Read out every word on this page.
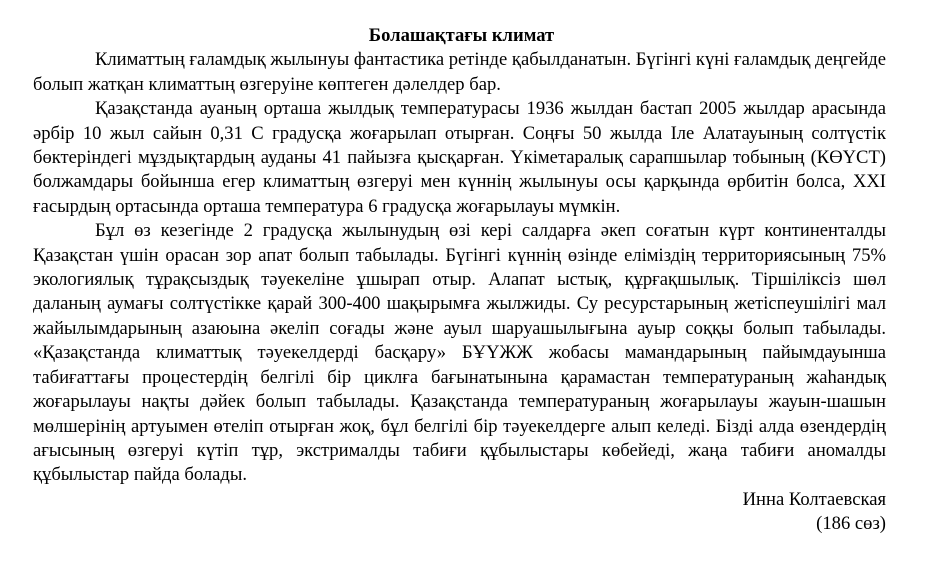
Болашақтағы климат

Климаттың ғаламдық жылынуы фантастика ретінде қабылданатын. Бүгінгі күні ғаламдық деңгейде болып жатқан климаттың өзгеруіне көптеген дәлелдер бар.

Қазақстанда ауаның орташа жылдық температурасы 1936 жылдан бастап 2005 жылдар арасында әрбір 10 жыл сайын 0,31 С градусқа жоғарылап отырған. Соңғы 50 жылда Іле Алатауының солтүстік бөктеріндегі мұздықтардың ауданы 41 пайызға қысқарған. Үкіметаралық сарапшылар тобының (КӨҮСТ) болжамдары бойынша егер климаттың өзгеруі мен күннің жылынуы осы қарқында өрбитін болса, ХХІ ғасырдың ортасында орташа температура 6 градусқа жоғарылауы мүмкін.

Бұл өз кезегінде 2 градусқа жылынудың өзі кері салдарға әкеп соғатын күрт континенталды Қазақстан үшін орасан зор апат болып табылады. Бүгінгі күннің өзінде еліміздің территориясының 75% экологиялық тұрақсыздық тәуекеліне ұшырап отыр. Алапат ыстық, құрғақшылық. Тіршіліксіз шөл даланың аумағы солтүстікке қарай 300-400 шақырымға жылжиды. Су ресурстарының жетіспеушілігі мал жайылымдарының азаюына әкеліп соғады және ауыл шаруашылығына ауыр соққы болып табылады. «Қазақстанда климаттық тәуекелдерді басқару» БҰҮЖЖ жобасы мамандарының пайымдауынша табиғаттағы процестердің белгілі бір циклға бағынатынына қарамастан температураның жаһандық жоғарылауы нақты дәйек болып табылады. Қазақстанда температураның жоғарылауы жауын-шашын мөлшерінің артуымен өтеліп отырған жоқ, бұл белгілі бір тәуекелдерге алып келеді. Бізді алда өзендердің ағысының өзгеруі күтіп тұр, экстрималды табиғи құбылыстары көбейеді, жаңа табиғи аномалды құбылыстар пайда болады.

Инна Колтаевская

(186 сөз)
